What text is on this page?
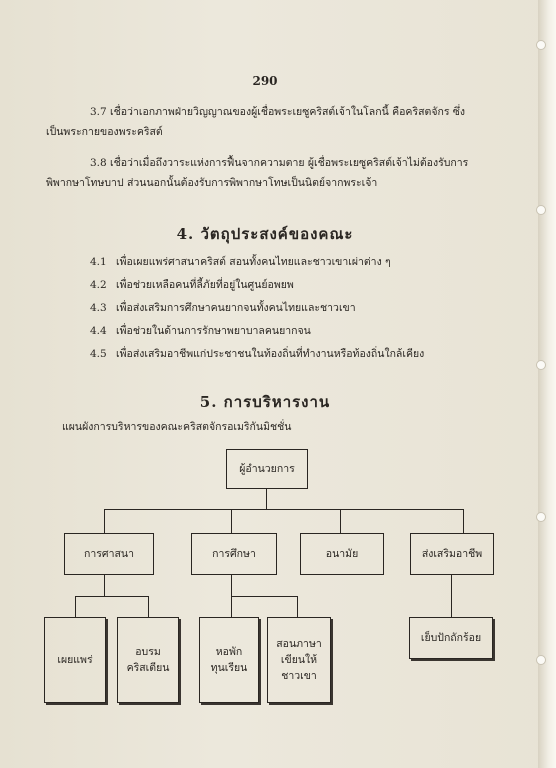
290
3.7 เชื่อว่าเอกภาพฝ่ายวิญญาณของผู้เชื่อพระเยซูคริสต์เจ้าในโลกนี้ คือคริสตจักร ซึ่ง
เป็นพระกายของพระคริสต์
3.8 เชื่อว่าเมื่อถึงวาระแห่งการฟื้นจากความตาย ผู้เชื่อพระเยซูคริสต์เจ้าไม่ต้องรับการ
พิพากษาโทษบาป ส่วนนอกนั้นต้องรับการพิพากษาโทษเป็นนิตย์จากพระเจ้า
4. วัตถุประสงค์ของคณะ
4.1 เพื่อเผยแพร่ศาสนาคริสต์ สอนทั้งคนไทยและชาวเขาเผ่าต่าง ๆ
4.2 เพื่อช่วยเหลือคนที่ลี้ภัยที่อยู่ในศูนย์อพยพ
4.3 เพื่อส่งเสริมการศึกษาคนยากจนทั้งคนไทยและชาวเขา
4.4 เพื่อช่วยในด้านการรักษาพยาบาลคนยากจน
4.5 เพื่อส่งเสริมอาชีพแก่ประชาชนในท้องถิ่นที่ทำงานหรือท้องถิ่นใกล้เคียง
5. การบริหารงาน
แผนผังการบริหารของคณะคริสตจักรอเมริกันมิชชั่น
ผู้อำนวยการ
การศาสนา	การศึกษา	อนามัย	ส่งเสริมอาชีพ
เผยแพร่
อบรม
คริสเตียน
หอพัก
ทุนเรียน
สอนภาษา
เขียนให้
ชาวเขา
เย็บปักถักร้อย
